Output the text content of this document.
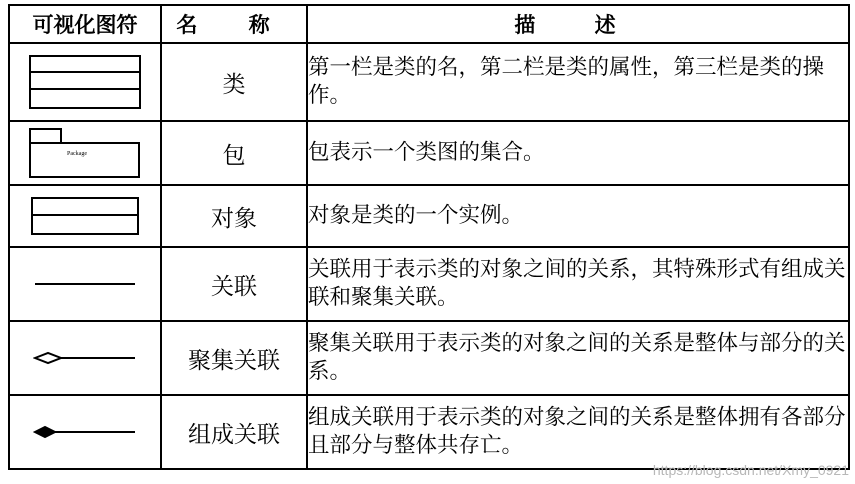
可视化图符	名 称	描 述

	类	第一栏是类的名，第二栏是类的属性，第三栏是类的操作。

Package	包	包表示一个类图的集合。

	对象	对象是类的一个实例。

	关联	关联用于表示类的对象之间的关系，其特殊形式有组成关联和聚集关联。

	聚集关联	聚集关联用于表示类的对象之间的关系是整体与部分的关系。

	组成关联	组成关联用于表示类的对象之间的关系是整体拥有各部分且部分与整体共存亡。
https://blog.csdn.net/Xmy_0921
